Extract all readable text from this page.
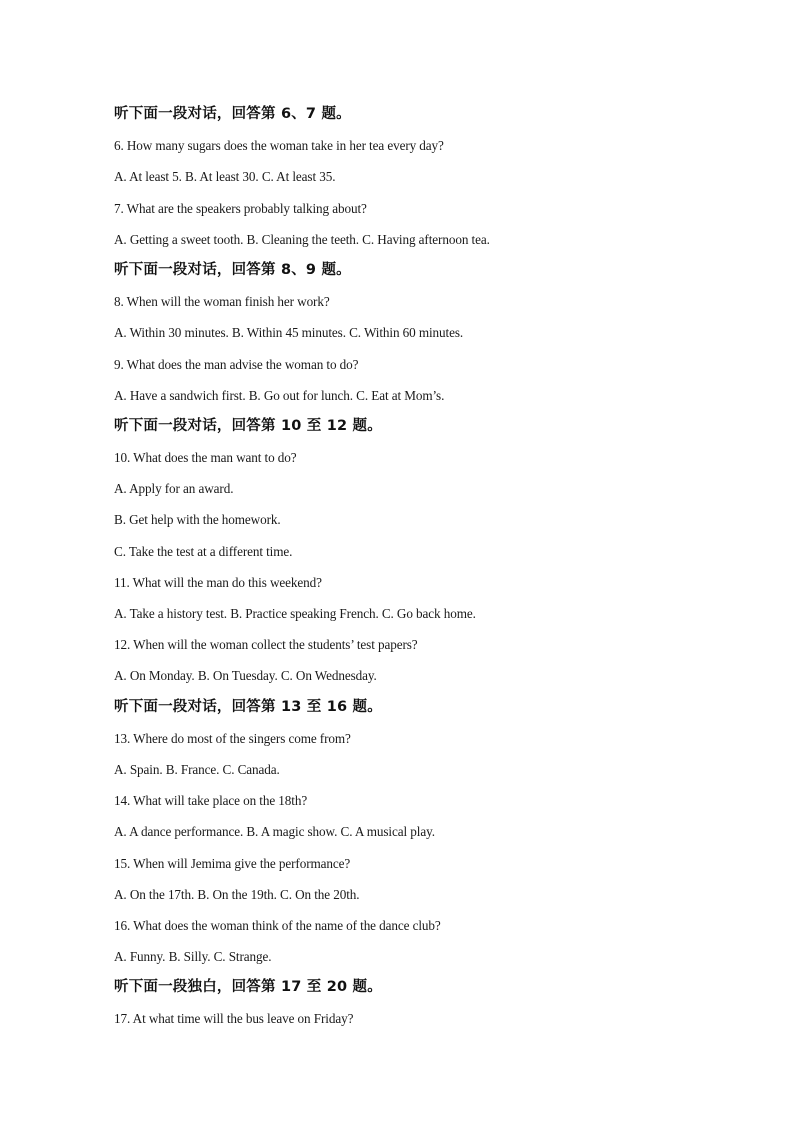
听下面一段对话，回答第 6、7 题。
6. How many sugars does the woman take in her tea every day?
A. At least 5. B. At least 30. C. At least 35.
7. What are the speakers probably talking about?
A. Getting a sweet tooth. B. Cleaning the teeth. C. Having afternoon tea.
听下面一段对话，回答第 8、9 题。
8. When will the woman finish her work?
A. Within 30 minutes. B. Within 45 minutes. C. Within 60 minutes.
9. What does the man advise the woman to do?
A. Have a sandwich first. B. Go out for lunch. C. Eat at Mom’s.
听下面一段对话，回答第 10 至 12 题。
10. What does the man want to do?
A. Apply for an award.
B. Get help with the homework.
C. Take the test at a different time.
11. What will the man do this weekend?
A. Take a history test. B. Practice speaking French. C. Go back home.
12. When will the woman collect the students’ test papers?
A. On Monday. B. On Tuesday. C. On Wednesday.
听下面一段对话，回答第 13 至 16 题。
13. Where do most of the singers come from?
A. Spain. B. France. C. Canada.
14. What will take place on the 18th?
A. A dance performance. B. A magic show. C. A musical play.
15. When will Jemima give the performance?
A. On the 17th. B. On the 19th. C. On the 20th.
16. What does the woman think of the name of the dance club?
A. Funny. B. Silly. C. Strange.
听下面一段独白，回答第 17 至 20 题。
17. At what time will the bus leave on Friday?
